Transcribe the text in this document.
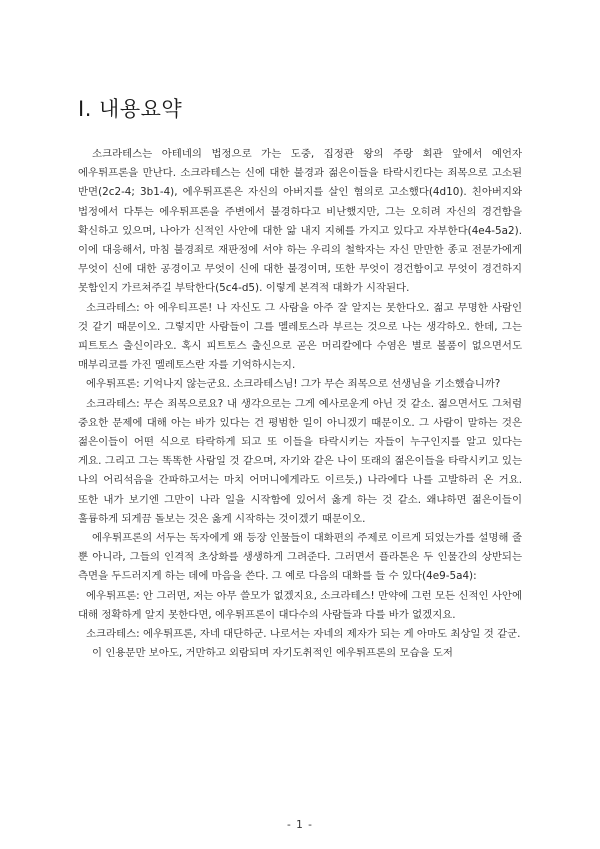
I. 내용요약

소크라테스는 아테네의 법정으로 가는 도중, 집정관 왕의 주랑 회관 앞에서 예언자 에우튀프론을 만난다. 소크라테스는 신에 대한 불경과 젊은이들을 타락시킨다는 죄목으로 고소된 반면(2c2-4; 3b1-4), 에우튀프론은 자신의 아버지를 살인 혐의로 고소했다(4d10). 친아버지와 법정에서 다투는 에우튀프론을 주변에서 불경하다고 비난했지만, 그는 오히려 자신의 경건함을 확신하고 있으며, 나아가 신적인 사안에 대한 앎 내지 지혜를 가지고 있다고 자부한다(4e4-5a2). 이에 대응해서, 마침 불경죄로 재판정에 서야 하는 우리의 철학자는 자신 만만한 종교 전문가에게 무엇이 신에 대한 공경이고 무엇이 신에 대한 불경이며, 또한 무엇이 경건함이고 무엇이 경건하지 못함인지 가르쳐주길 부탁한다(5c4-d5). 이렇게 본격적 대화가 시작된다.

소크라테스: 아 에우티프론! 나 자신도 그 사람을 아주 잘 알지는 못한다오. 젊고 무명한 사람인 것 같기 때문이오. 그렇지만 사람들이 그를 멜레토스라 부르는 것으로 나는 생각하오. 한데, 그는 피트토스 출신이라오. 혹시 피트토스 출신으로 곧은 머리칼에다 수염은 별로 볼품이 없으면서도 매부리코를 가진 멜레토스란 자를 기억하시는지.

에우튀프론: 기억나지 않는군요. 소크라테스님! 그가 무슨 죄목으로 선생님을 기소했습니까?

소크라테스: 무슨 죄목으로요? 내 생각으로는 그게 예사로운게 아닌 것 같소. 젊으면서도 그처럼 중요한 문제에 대해 아는 바가 있다는 건 평범한 일이 아니겠기 때문이오. 그 사람이 말하는 것은 젊은이들이 어떤 식으로 타락하게 되고 또 이들을 타락시키는 자들이 누구인지를 알고 있다는 게요. 그리고 그는 똑똑한 사람일 것 같으며, 자기와 같은 나이 또래의 젊은이들을 타락시키고 있는 나의 어리석음을 간파하고서는 마치 어머니에게라도 이르듯,) 나라에다 나를 고발하러 온 거요. 또한 내가 보기엔 그만이 나라 일을 시작함에 있어서 옳게 하는 것 같소. 왜냐하면 젊은이들이 훌륭하게 되게끔 돌보는 것은 옳게 시작하는 것이겠기 때문이오.

에우튀프론의 서두는 독자에게 왜 등장 인물들이 대화편의 주제로 이르게 되었는가를 설명해 줄 뿐 아니라, 그들의 인격적 초상화를 생생하게 그려준다. 그러면서 플라톤은 두 인물간의 상반되는 측면을 두드러지게 하는 데에 마음을 쓴다. 그 예로 다음의 대화를 들 수 있다(4e9-5a4):

에우튀프론: 안 그러면, 저는 아무 쓸모가 없겠지요, 소크라테스! 만약에 그런 모든 신적인 사안에 대해 정확하게 알지 못한다면, 에우튀프론이 대다수의 사람들과 다를 바가 없겠지요.

소크라테스: 에우튀프론, 자네 대단하군. 나로서는 자네의 제자가 되는 게 아마도 최상일 것 같군.

이 인용문만 보아도, 거만하고 외람되며 자기도취적인 에우튀프론의 모습을 도저

- 1 -
